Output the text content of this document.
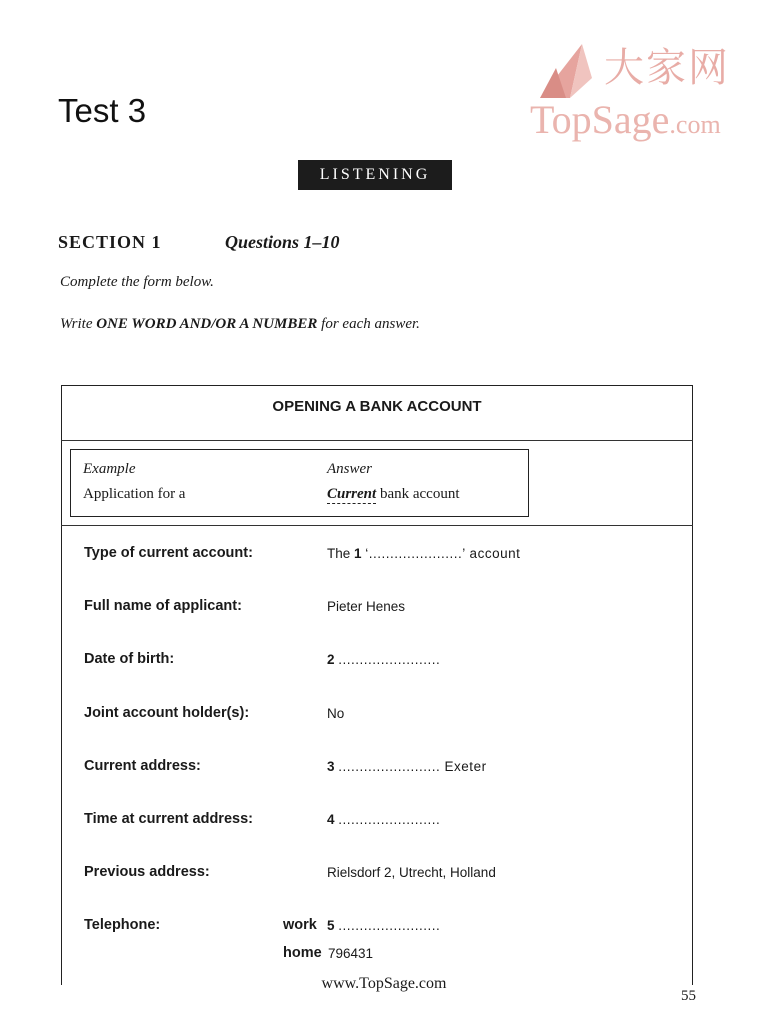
大家网
TopSage.com
Test 3
LISTENING
SECTION 1	Questions 1–10
Complete the form below.
Write ONE WORD AND/OR A NUMBER for each answer.
OPENING A BANK ACCOUNT
Example	Answer
Application for a	Current bank account
Type of current account:	The 1 ‘......................’ account
Full name of applicant:	Pieter Henes
Date of birth:	2 ........................
Joint account holder(s):	No
Current address:	3 ........................ Exeter
Time at current address:	4 ........................
Previous address:	Rielsdorf 2, Utrecht, Holland
Telephone:	work 5 ........................
home 796431
www.TopSage.com
55
